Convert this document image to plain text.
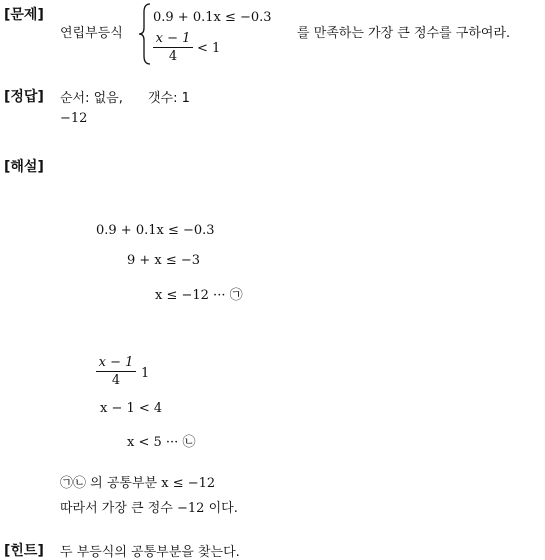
[문제]
연립부등식
0.9 + 0.1x ≤ −0.3
x − 1
4
< 1
를 만족하는 가장 큰 정수를 구하여라.
[정답] 순서: 없음, 갯수: 1
−12
[해설]
0.9 + 0.1x ≤ −0.3
9 + x ≤ −3
x ≤ −12 ··· ㉠
x − 1
4	1
x − 1 < 4
x < 5 ··· ㉡
㉠㉡ 의 공통부분 x ≤ −12
따라서 가장 큰 정수 −12 이다.
[힌트] 두 부등식의 공통부분을 찾는다.
